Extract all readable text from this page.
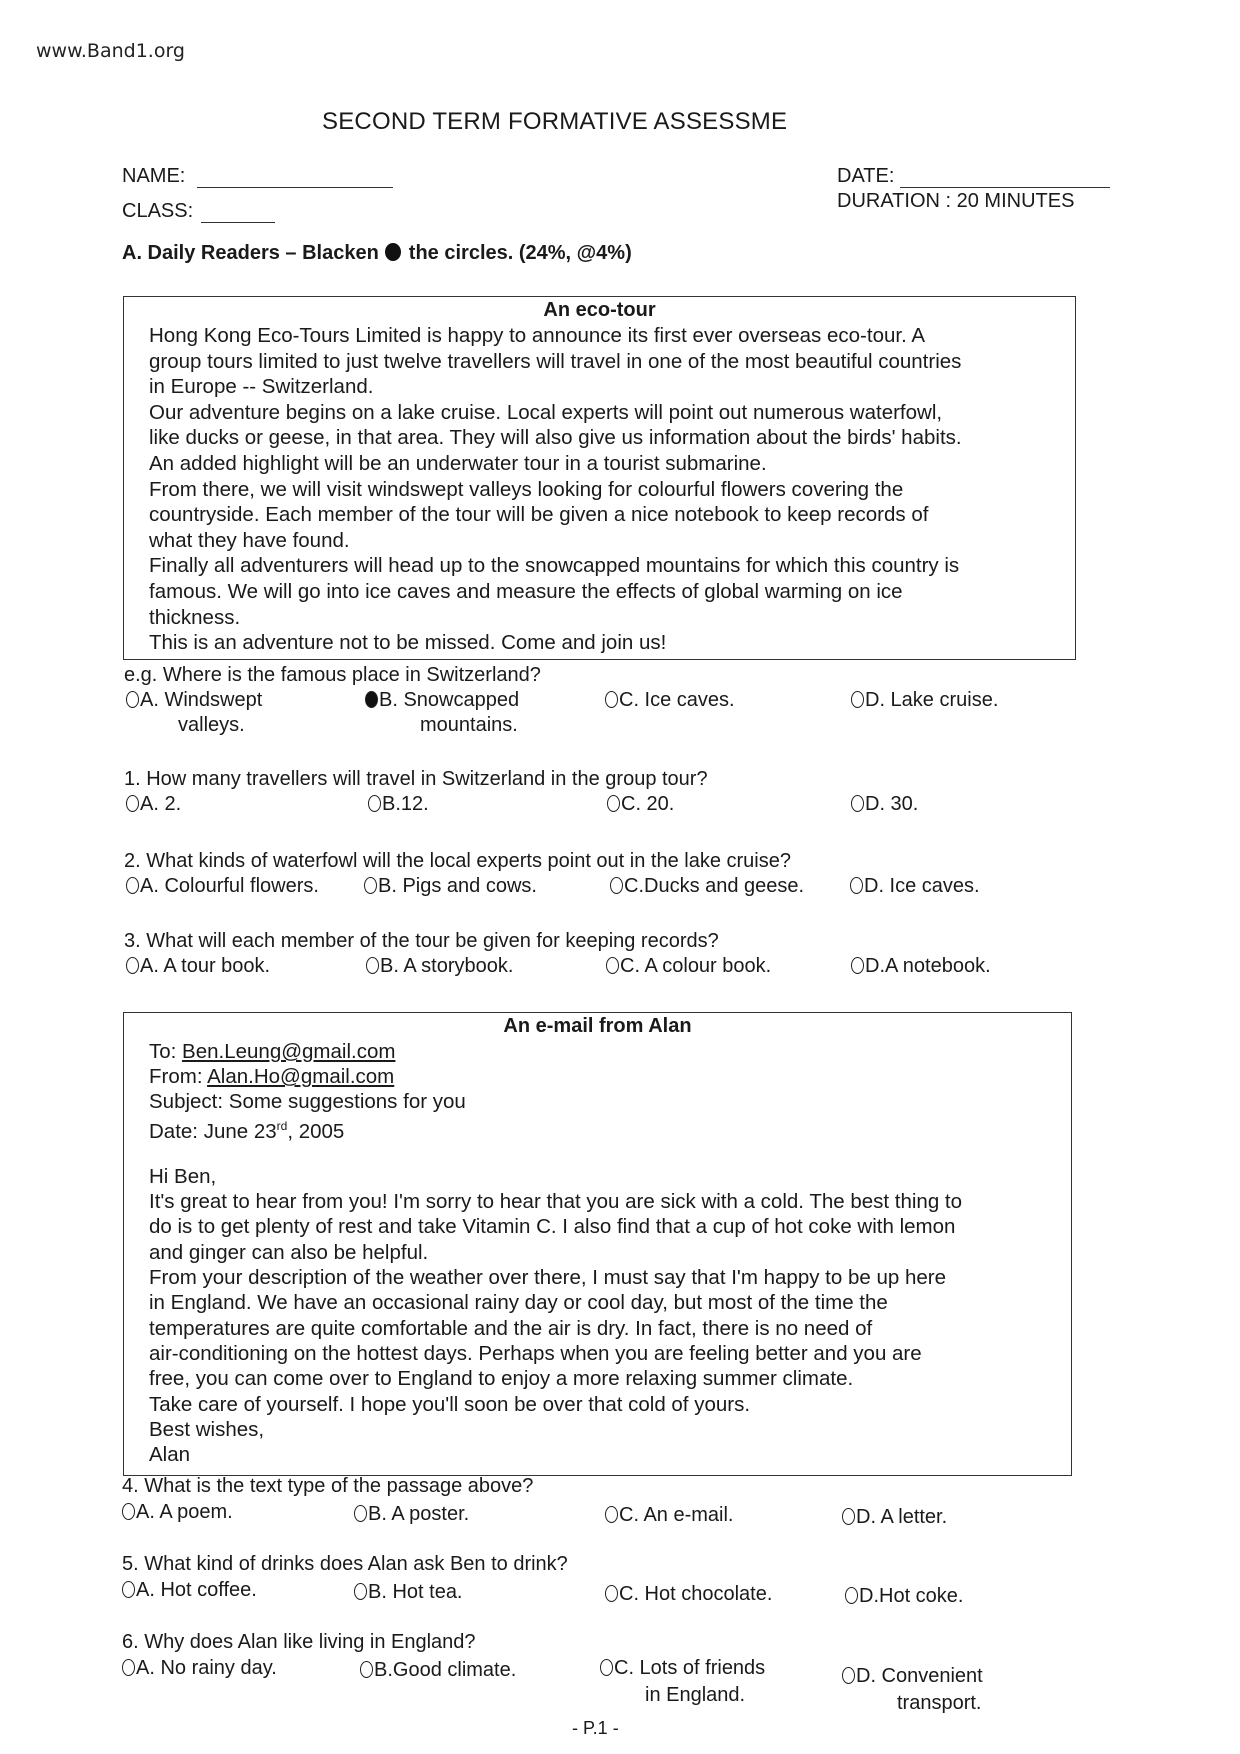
www.Band1.org
SECOND TERM FORMATIVE ASSESSME
NAME:
CLASS:
DATE:
DURATION : 20 MINUTES
A. Daily Readers – Blacken the circles. (24%, @4%)
An eco-tour
Hong Kong Eco-Tours Limited is happy to announce its first ever overseas eco-tour. A
group tours limited to just twelve travellers will travel in one of the most beautiful countries
in Europe -- Switzerland.
Our adventure begins on a lake cruise. Local experts will point out numerous waterfowl,
like ducks or geese, in that area. They will also give us information about the birds' habits.
An added highlight will be an underwater tour in a tourist submarine.
From there, we will visit windswept valleys looking for colourful flowers covering the
countryside. Each member of the tour will be given a nice notebook to keep records of
what they have found.
Finally all adventurers will head up to the snowcapped mountains for which this country is
famous. We will go into ice caves and measure the effects of global warming on ice
thickness.
This is an adventure not to be missed. Come and join us!
e.g. Where is the famous place in Switzerland?
A. Windswept
valleys.
B. Snowcapped
mountains.
C. Ice caves.	D. Lake cruise.
1. How many travellers will travel in Switzerland in the group tour?
A. 2.	B.12.	C. 20.	D. 30.
2. What kinds of waterfowl will the local experts point out in the lake cruise?
A. Colourful flowers.	B. Pigs and cows.	C.Ducks and geese.	D. Ice caves.
3. What will each member of the tour be given for keeping records?
A. A tour book.	B. A storybook.	C. A colour book.	D.A notebook.
An e-mail from Alan
To: Ben.Leung@gmail.com
From: Alan.Ho@gmail.com
Subject: Some suggestions for you
Date: June 23rd, 2005
Hi Ben,
It's great to hear from you! I'm sorry to hear that you are sick with a cold. The best thing to
do is to get plenty of rest and take Vitamin C. I also find that a cup of hot coke with lemon
and ginger can also be helpful.
From your description of the weather over there, I must say that I'm happy to be up here
in England. We have an occasional rainy day or cool day, but most of the time the
temperatures are quite comfortable and the air is dry. In fact, there is no need of
air-conditioning on the hottest days. Perhaps when you are feeling better and you are
free, you can come over to England to enjoy a more relaxing summer climate.
Take care of yourself. I hope you'll soon be over that cold of yours.
Best wishes,
Alan
4. What is the text type of the passage above?
A. A poem.	B. A poster.	C. An e-mail.	D. A letter.
5. What kind of drinks does Alan ask Ben to drink?
A. Hot coffee.	B. Hot tea.	C. Hot chocolate.	D.Hot coke.
6. Why does Alan like living in England?
A. No rainy day.	B.Good climate.	C. Lots of friends
in England.
D. Convenient
transport.
- P.1 -
